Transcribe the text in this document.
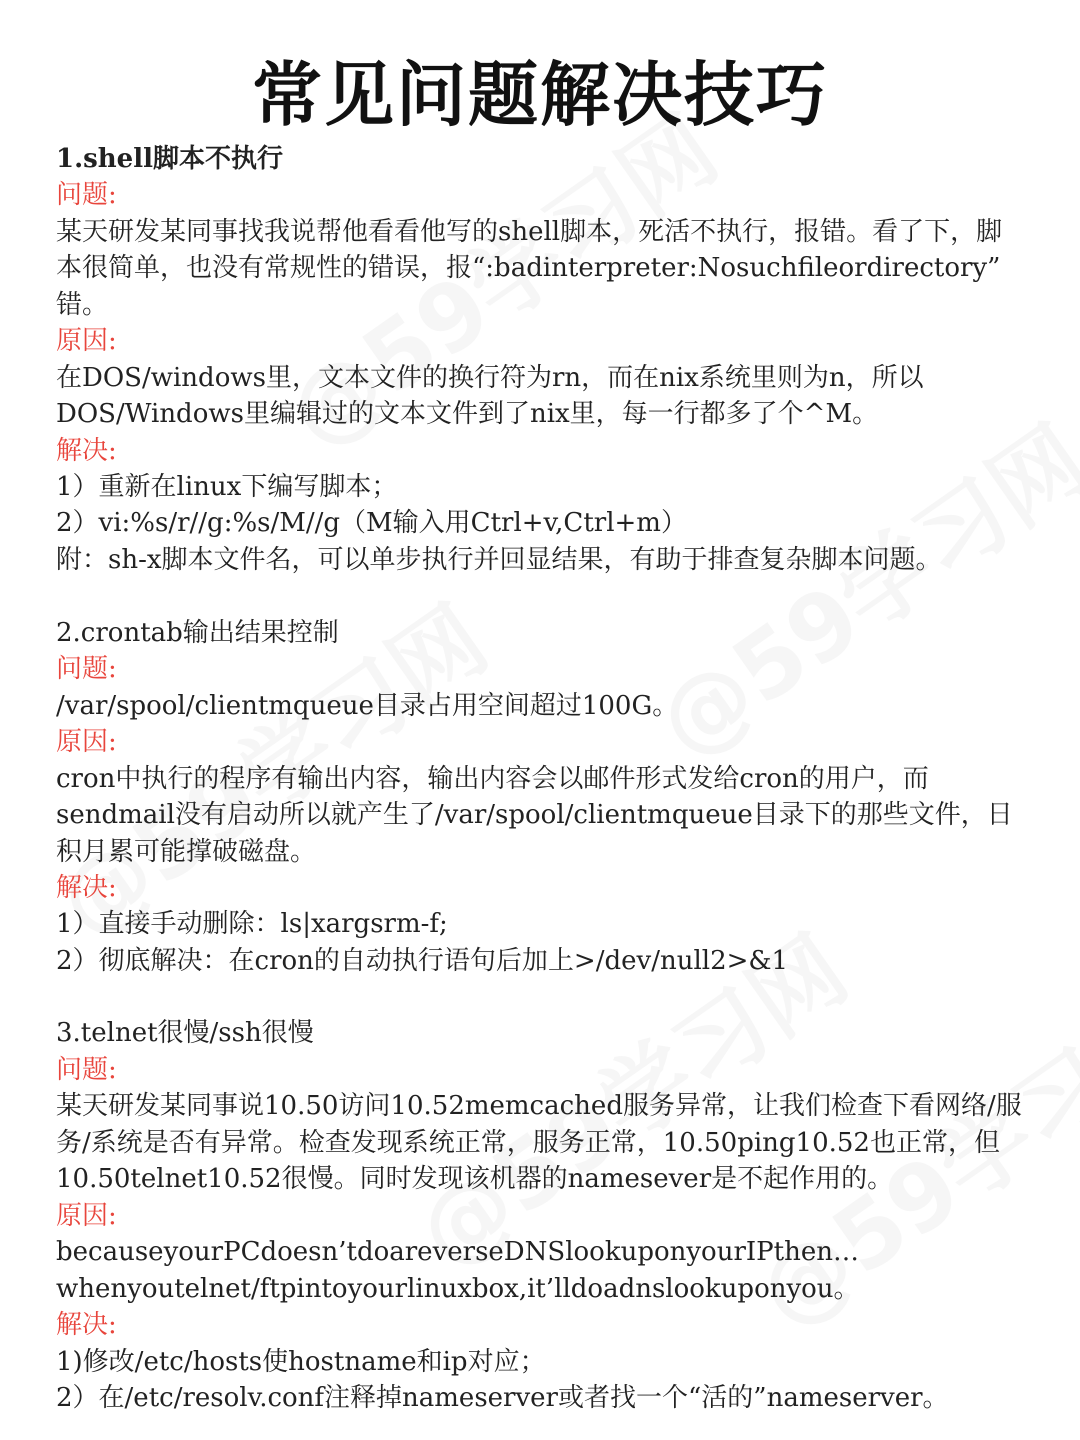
常见问题解决技巧
1.shell脚本不执行
问题:
某天研发某同事找我说帮他看看他写的shell脚本，死活不执行，报错。看了下，脚
本很简单，也没有常规性的错误，报“:badinterpreter:Nosuchfileordirectory”
错。
原因:
在DOS/windows里，文本文件的换行符为rn，而在nix系统里则为n，所以
DOS/Windows里编辑过的文本文件到了nix里，每一行都多了个^M。
解决:
1）重新在linux下编写脚本；
2）vi:%s/r//g:%s/M//g（M输入用Ctrl+v,Ctrl+m）
附：sh-x脚本文件名，可以单步执行并回显结果，有助于排查复杂脚本问题。
2.crontab输出结果控制
问题:
/var/spool/clientmqueue目录占用空间超过100G。
原因:
cron中执行的程序有输出内容，输出内容会以邮件形式发给cron的用户，而
sendmail没有启动所以就产生了/var/spool/clientmqueue目录下的那些文件，日
积月累可能撑破磁盘。
解决:
1）直接手动删除：ls|xargsrm-f;
2）彻底解决：在cron的自动执行语句后加上>/dev/null2>&1
3.telnet很慢/ssh很慢
问题:
某天研发某同事说10.50访问10.52memcached服务异常，让我们检查下看网络/服
务/系统是否有异常。检查发现系统正常，服务正常，10.50ping10.52也正常，但
10.50telnet10.52很慢。同时发现该机器的namesever是不起作用的。
原因:
becauseyourPCdoesn’tdoareverseDNSlookuponyourIPthen…
whenyoutelnet/ftpintoyourlinuxbox,it’lldoadnslookuponyou。
解决:
1)修改/etc/hosts使hostname和ip对应；
2）在/etc/resolv.conf注释掉nameserver或者找一个“活的”nameserver。
